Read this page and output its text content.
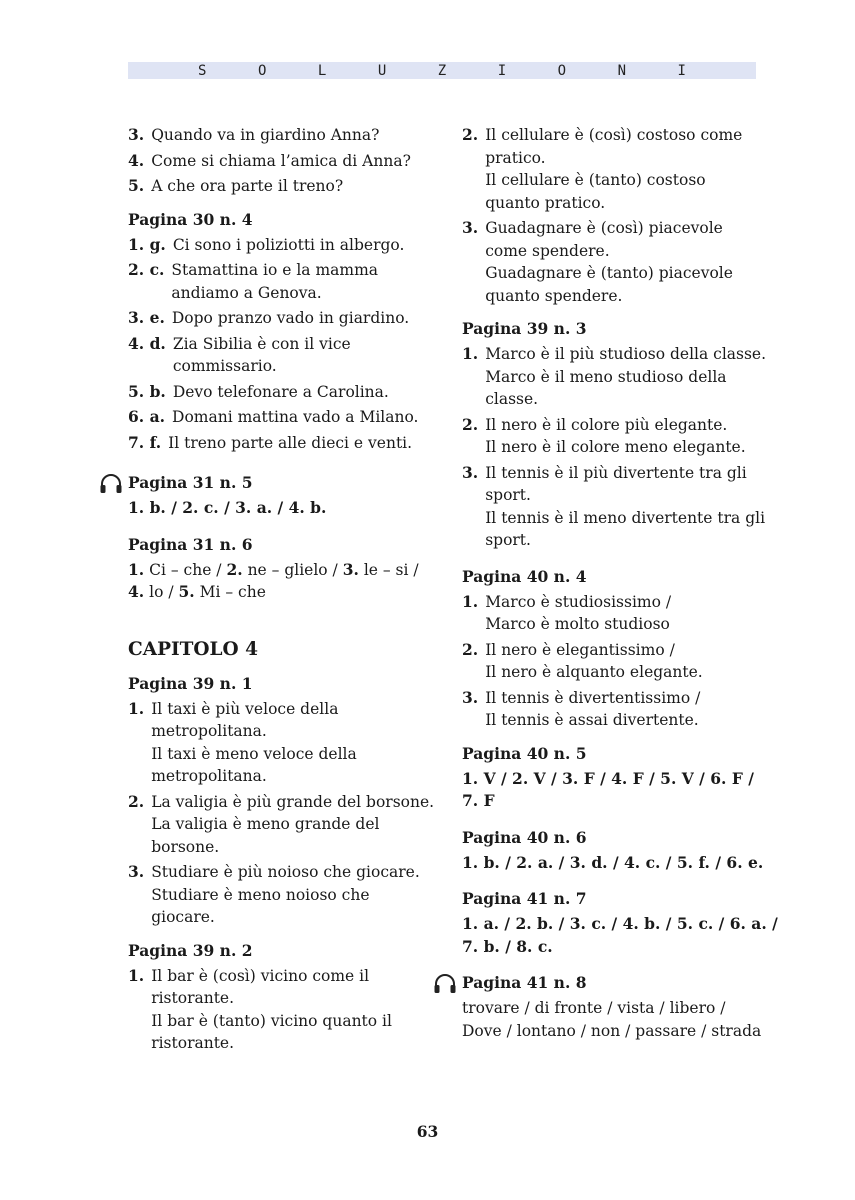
S	O	L	U	Z	I	O	N	I
3. Quando va in giardino Anna?
4. Come si chiama l’amica di Anna?
5. A che ora parte il treno?
Pagina 30 n. 4
1. g. Ci sono i poliziotti in albergo.
2. c. Stamattina io e la mamma
andiamo a Genova.
3. e. Dopo pranzo vado in giardino.
4. d. Zia Sibilia è con il vice
commissario.
5. b. Devo telefonare a Carolina.
6. a. Domani mattina vado a Milano.
7. f. Il treno parte alle dieci e venti.
Pagina 31 n. 5
1. b. / 2. c. / 3. a. / 4. b.
Pagina 31 n. 6
1. Ci – che / 2. ne – glielo / 3. le – si /
4. lo / 5. Mi – che
CAPITOLO 4
Pagina 39 n. 1
1. Il taxi è più veloce della
metropolitana.
Il taxi è meno veloce della
metropolitana.
2. La valigia è più grande del borsone.
La valigia è meno grande del
borsone.
3. Studiare è più noioso che giocare.
Studiare è meno noioso che
giocare.
Pagina 39 n. 2
1. Il bar è (così) vicino come il
ristorante.
Il bar è (tanto) vicino quanto il
ristorante.
2. Il cellulare è (così) costoso come
pratico.
Il cellulare è (tanto) costoso
quanto pratico.
3. Guadagnare è (così) piacevole
come spendere.
Guadagnare è (tanto) piacevole
quanto spendere.
Pagina 39 n. 3
1. Marco è il più studioso della classe.
Marco è il meno studioso della
classe.
2. Il nero è il colore più elegante.
Il nero è il colore meno elegante.
3. Il tennis è il più divertente tra gli
sport.
Il tennis è il meno divertente tra gli
sport.
Pagina 40 n. 4
1. Marco è studiosissimo /
Marco è molto studioso
2. Il nero è elegantissimo /
Il nero è alquanto elegante.
3. Il tennis è divertentissimo /
Il tennis è assai divertente.
Pagina 40 n. 5
1. V / 2. V / 3. F / 4. F / 5. V / 6. F /
7. F
Pagina 40 n. 6
1. b. / 2. a. / 3. d. / 4. c. / 5. f. / 6. e.
Pagina 41 n. 7
1. a. / 2. b. / 3. c. / 4. b. / 5. c. / 6. a. /
7. b. / 8. c.
Pagina 41 n. 8
trovare / di fronte / vista / libero /
Dove / lontano / non / passare / strada
63
